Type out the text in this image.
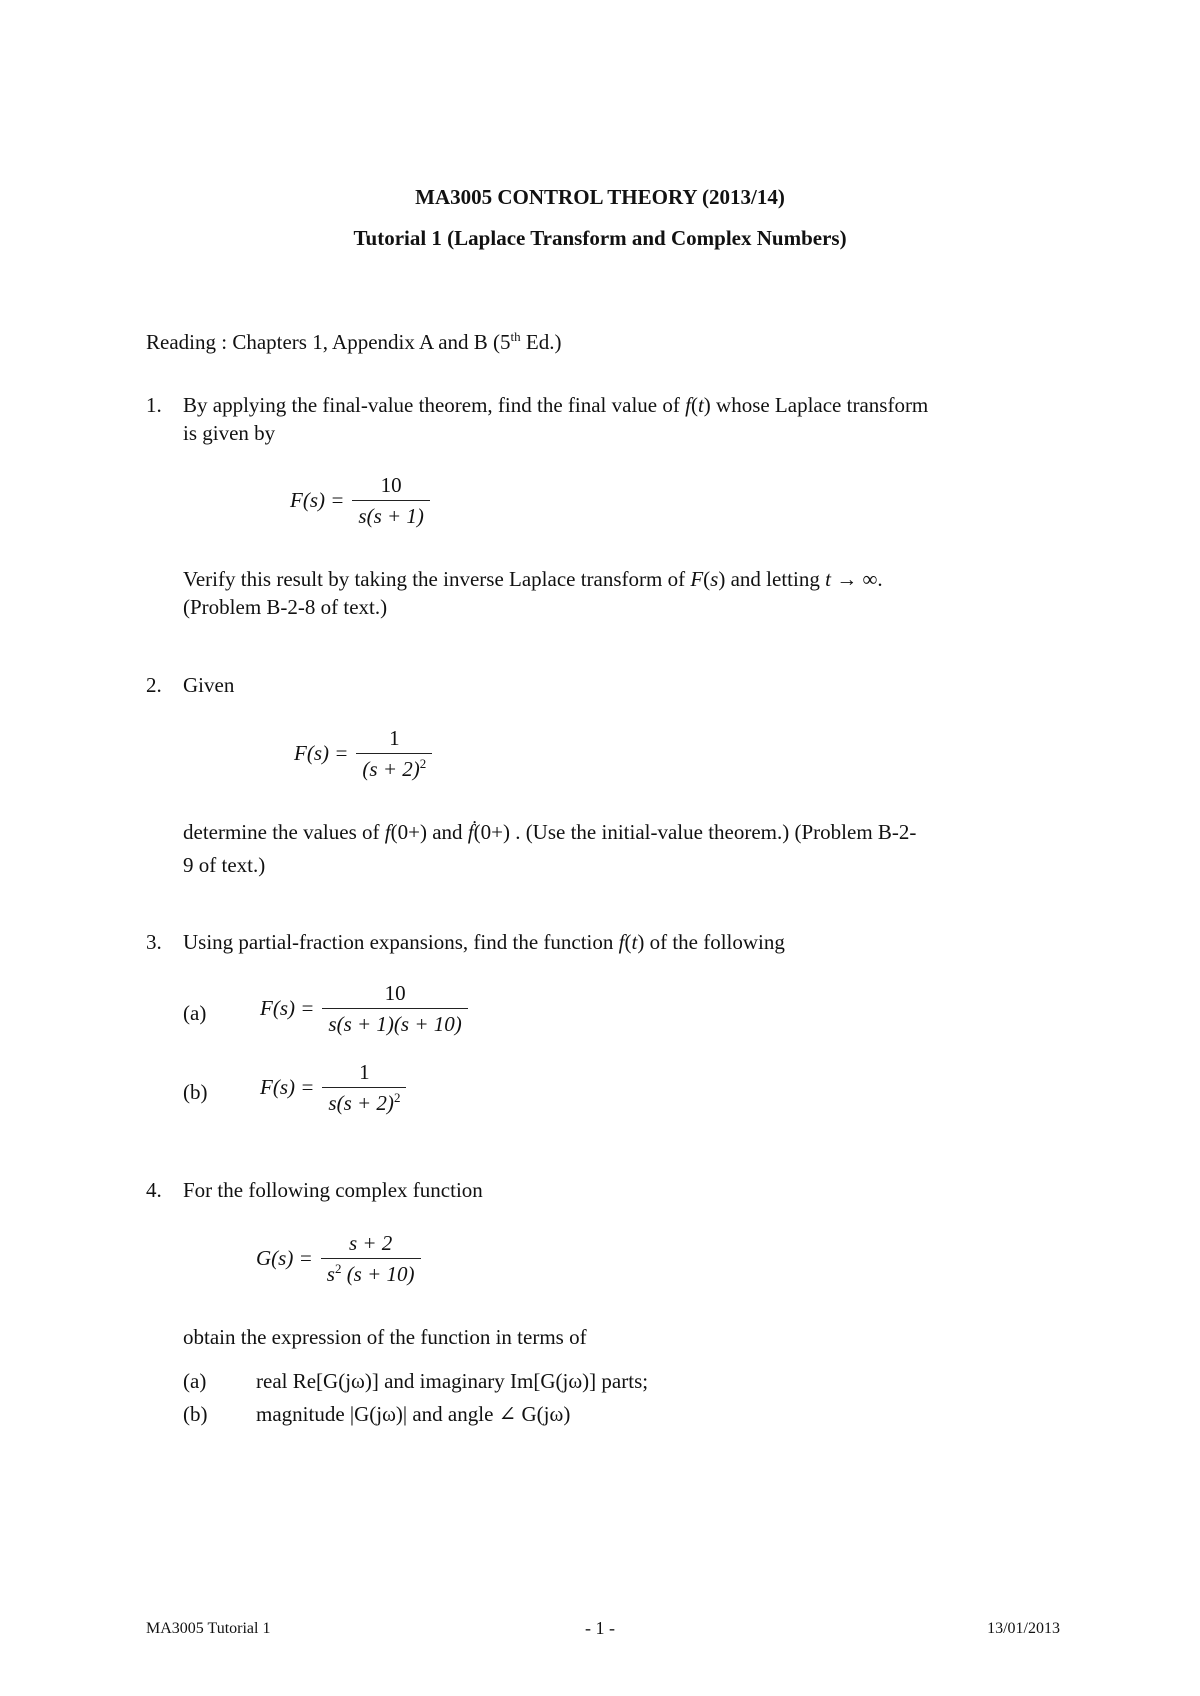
MA3005 CONTROL THEORY (2013/14)
Tutorial 1 (Laplace Transform and Complex Numbers)
Reading : Chapters 1, Appendix A and B (5th Ed.)
1. By applying the final-value theorem, find the final value of f(t) whose Laplace transform
is given by
$F(s) = \frac{10}{s(s + 1)}$
Verify this result by taking the inverse Laplace transform of F(s) and letting t → ∞.
(Problem B-2-8 of text.)
2. Given
$F(s) = \frac{1}{(s + 2)^2}$
determine the values of f(0+) and ḟ(0+) . (Use the initial-value theorem.) (Problem B-2-
9 of text.)
3. Using partial-fraction expansions, find the function f(t) of the following
(a)	$F(s) = \frac{10}{s(s + 1)(s + 10)}$
(b)	$F(s) = \frac{1}{s(s + 2)^2}$
4. For the following complex function
$G(s) = \frac{s + 2}{s^2 (s + 10)}$
obtain the expression of the function in terms of
(a) real Re[G(jω)] and imaginary Im[G(jω)] parts;
(b) magnitude |G(jω)| and angle ∠ G(jω)
MA3005 Tutorial 1	- 1 -	13/01/2013
